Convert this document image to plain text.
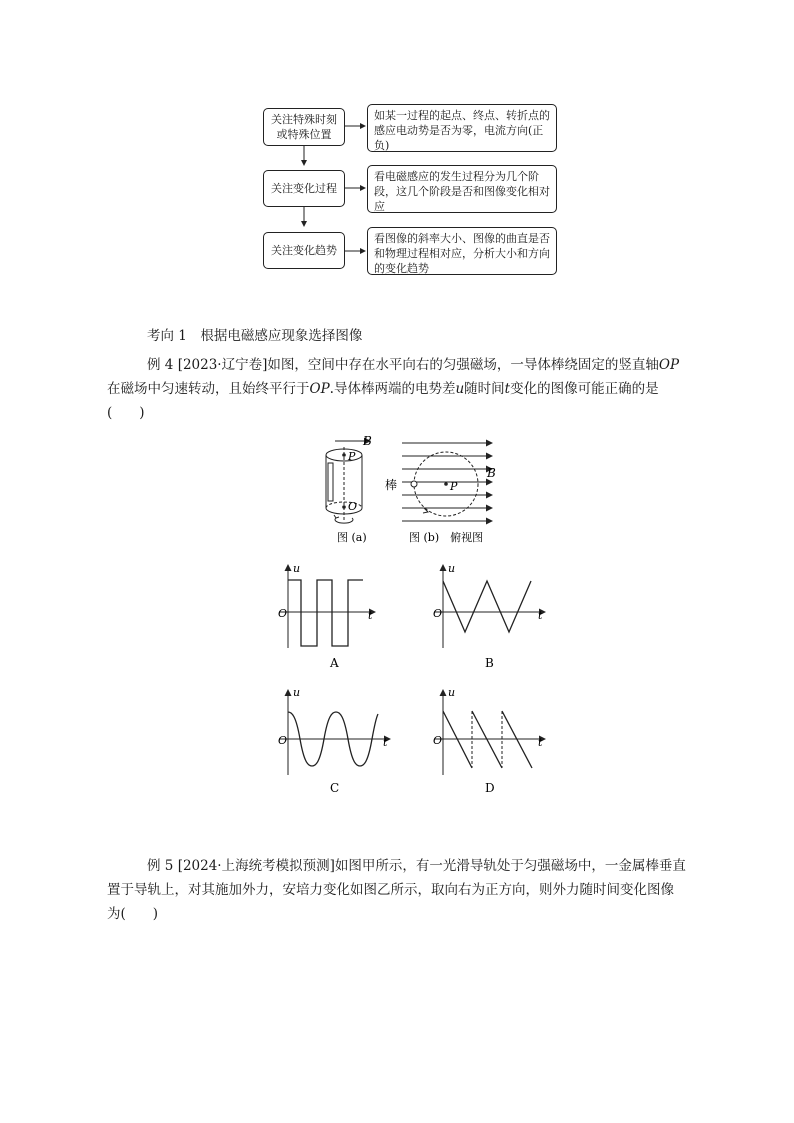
关注特殊时刻或特殊位置
如某一过程的起点、终点、转折点的感应电动势是否为零，电流方向(正负)
关注变化过程
看电磁感应的发生过程分为几个阶段，这几个阶段是否和图像变化相对应
关注变化趋势
看图像的斜率大小、图像的曲直是否和物理过程相对应，分析大小和方向的变化趋势
考向 1　根据电磁感应现象选择图像
例 4 [2023·辽宁卷]如图，空间中存在水平向右的匀强磁场，一导体棒绕固定的竖直轴OP在磁场中匀速转动，且始终平行于OP.导体棒两端的电势差u随时间t变化的图像可能正确的是(　　)
B
P
O
图 (a)
B
P
棒
图 (b)　俯视图
u
t
O
A
u
t
O
B
u
t
O
C
u
t
O
D
例 5 [2024·上海统考模拟预测]如图甲所示，有一光滑导轨处于匀强磁场中，一金属棒垂直置于导轨上，对其施加外力，安培力变化如图乙所示，取向右为正方向，则外力随时间变化图像为(　　)
